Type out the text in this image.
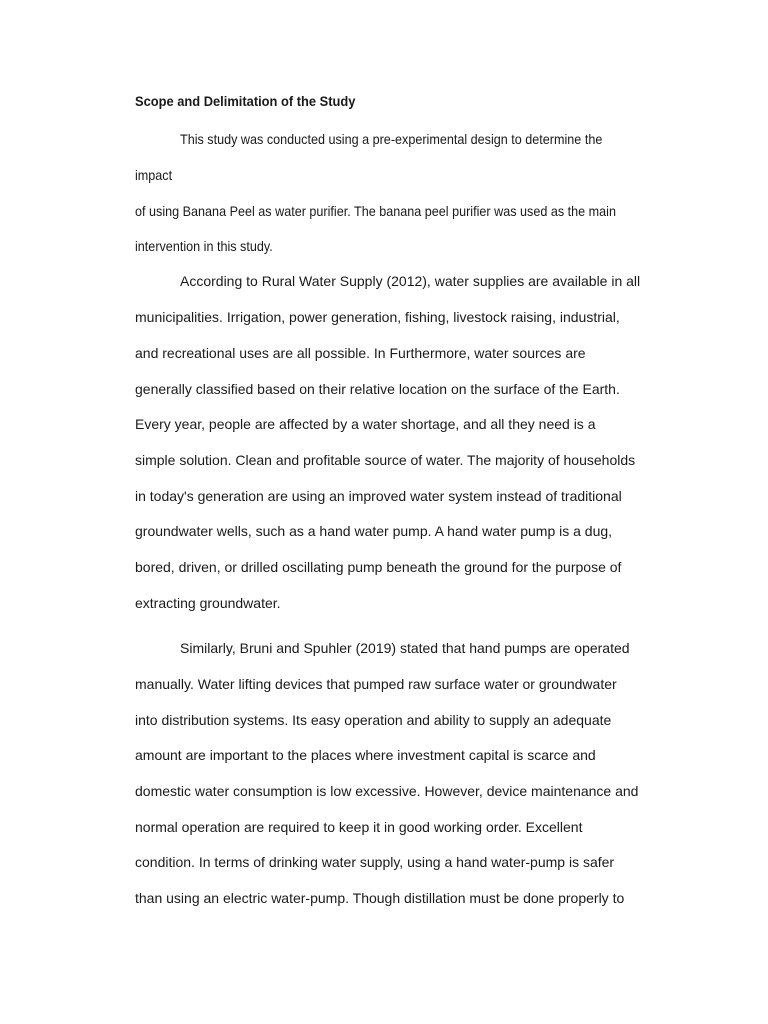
Scope and Delimitation of the Study
This study was conducted using a pre-experimental design to determine the
impact
of using Banana Peel as water purifier. The banana peel purifier was used as the main
intervention in this study.
According to Rural Water Supply (2012), water supplies are available in all
municipalities. Irrigation, power generation, fishing, livestock raising, industrial,
and recreational uses are all possible. In Furthermore, water sources are
generally classified based on their relative location on the surface of the Earth.
Every year, people are affected by a water shortage, and all they need is a
simple solution. Clean and profitable source of water. The majority of households
in today's generation are using an improved water system instead of traditional
groundwater wells, such as a hand water pump. A hand water pump is a dug,
bored, driven, or drilled oscillating pump beneath the ground for the purpose of
extracting groundwater.
Similarly, Bruni and Spuhler (2019) stated that hand pumps are operated
manually. Water lifting devices that pumped raw surface water or groundwater
into distribution systems. Its easy operation and ability to supply an adequate
amount are important to the places where investment capital is scarce and
domestic water consumption is low excessive. However, device maintenance and
normal operation are required to keep it in good working order. Excellent
condition. In terms of drinking water supply, using a hand water-pump is safer
than using an electric water-pump. Though distillation must be done properly to
